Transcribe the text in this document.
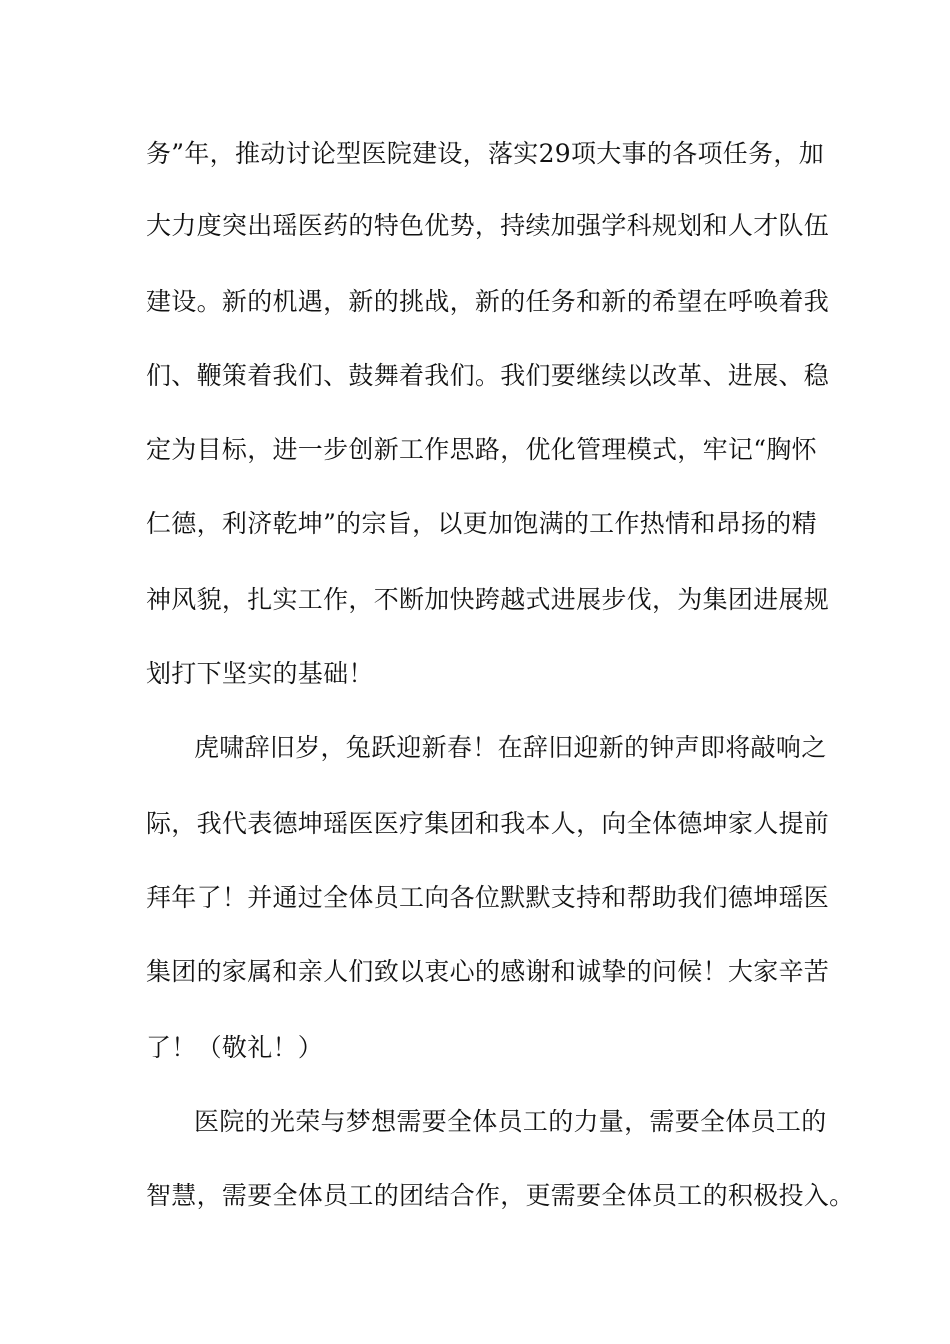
务”年，推动讨论型医院建设，落实29项大事的各项任务，加
大力度突出瑶医药的特色优势，持续加强学科规划和人才队伍
建设。新的机遇，新的挑战，新的任务和新的希望在呼唤着我
们、鞭策着我们、鼓舞着我们。我们要继续以改革、进展、稳
定为目标，进一步创新工作思路，优化管理模式，牢记“胸怀
仁德，利济乾坤”的宗旨，以更加饱满的工作热情和昂扬的精
神风貌，扎实工作，不断加快跨越式进展步伐，为集团进展规
划打下坚实的基础！
虎啸辞旧岁，兔跃迎新春！在辞旧迎新的钟声即将敲响之
际，我代表德坤瑶医医疗集团和我本人，向全体德坤家人提前
拜年了！并通过全体员工向各位默默支持和帮助我们德坤瑶医
集团的家属和亲人们致以衷心的感谢和诚挚的问候！大家辛苦
了！（敬礼！）
医院的光荣与梦想需要全体员工的力量，需要全体员工的
智慧，需要全体员工的团结合作，更需要全体员工的积极投入。
